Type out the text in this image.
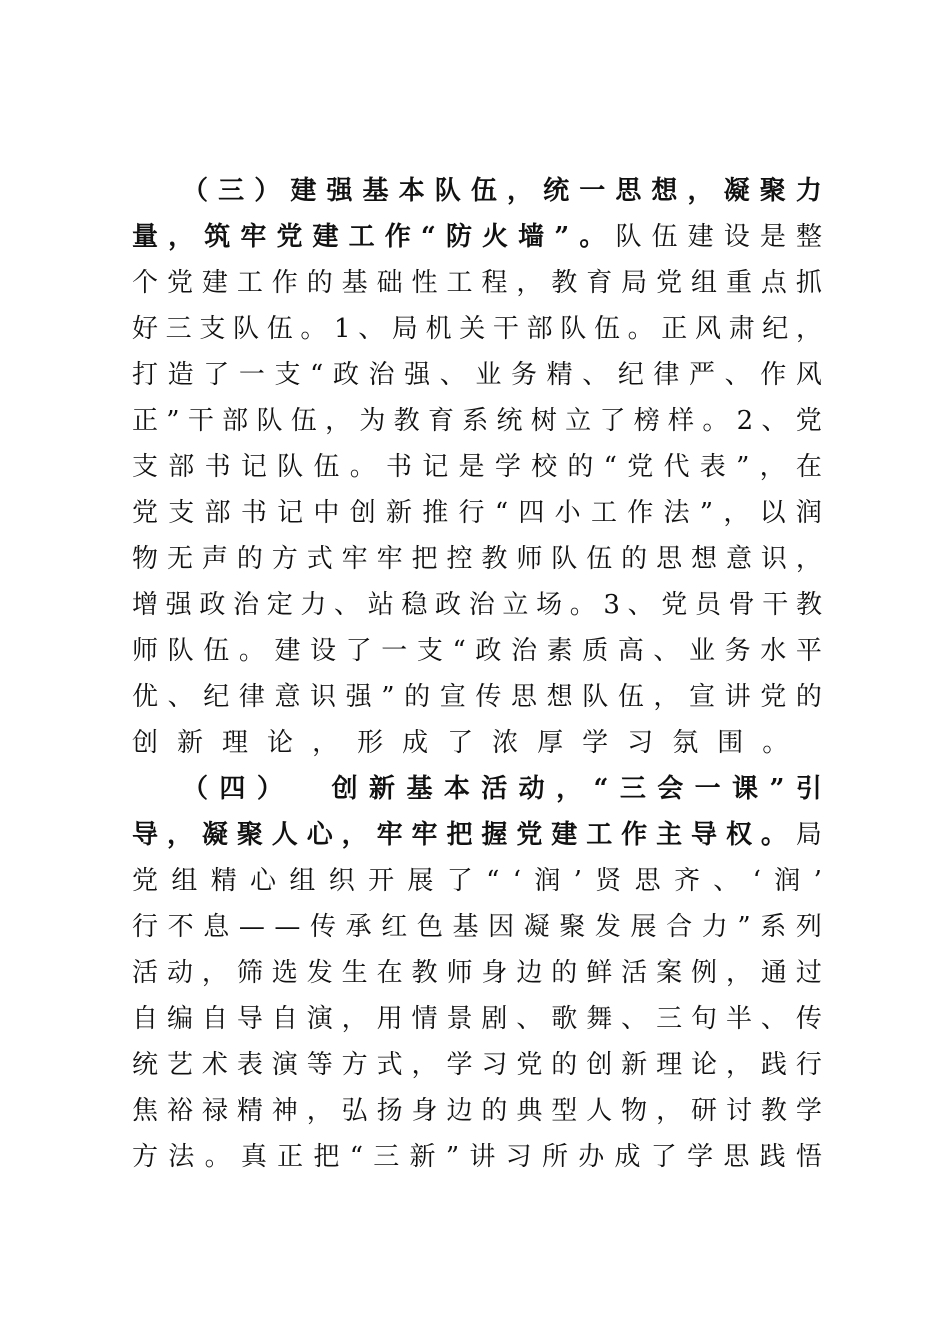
（ 三 ） 建 强 基 本 队 伍 ， 统 一 思 想 ， 凝 聚 力
量 ， 筑 牢 党 建 工 作 “ 防 火 墙 ” 。 队 伍 建 设 是 整
个 党 建 工 作 的 基 础 性 工 程 ， 教 育 局 党 组 重 点 抓
好 三 支 队 伍 。 1 、 局 机 关 干 部 队 伍 。 正 风 肃 纪 ，
打 造 了 一 支 “ 政 治 强 、 业 务 精 、 纪 律 严 、 作 风
正 ” 干 部 队 伍 ， 为 教 育 系 统 树 立 了 榜 样 。 2 、 党
支 部 书 记 队 伍 。 书 记 是 学 校 的 “ 党 代 表 ” ， 在
党 支 部 书 记 中 创 新 推 行 “ 四 小 工 作 法 ” ， 以 润
物 无 声 的 方 式 牢 牢 把 控 教 师 队 伍 的 思 想 意 识 ，
增 强 政 治 定 力 、 站 稳 政 治 立 场 。 3 、 党 员 骨 干 教
师 队 伍 。 建 设 了 一 支 “ 政 治 素 质 高 、 业 务 水 平
优 、 纪 律 意 识 强 ” 的 宣 传 思 想 队 伍 ， 宣 讲 党 的
创 新 理 论 ， 形 成 了 浓 厚 学 习 氛 围 。
（ 四 ）
　 创 新 基 本 活 动 ， “ 三 会 一 课 ” 引
导 ， 凝 聚 人 心 ， 牢 牢 把 握 党 建 工 作 主 导 权 。 局
党 组 精 心 组 织 开 展 了 “ ‘ 润 ’ 贤 思 齐 、 ‘ 润 ’
行 不 息 — — 传 承 红 色 基 因 凝 聚 发 展 合 力 ” 系 列
活 动 ， 筛 选 发 生 在 教 师 身 边 的 鲜 活 案 例 ， 通 过
自 编 自 导 自 演 ， 用 情 景 剧 、 歌 舞 、 三 句 半 、 传
统 艺 术 表 演 等 方 式 ， 学 习 党 的 创 新 理 论 ， 践 行
焦 裕 禄 精 神 ， 弘 扬 身 边 的 典 型 人 物 ， 研 讨 教 学
方 法 。 真 正 把 “ 三 新 ” 讲 习 所 办 成 了 学 思 践 悟
